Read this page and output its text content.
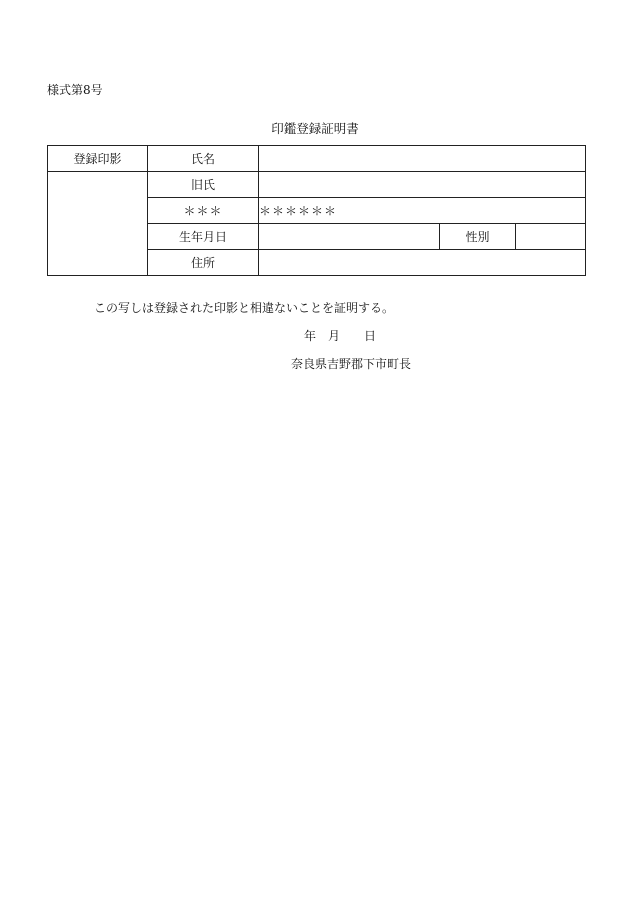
様式第8号
印鑑登録証明書
登録印影	氏名			
	旧氏			
	＊＊＊	＊＊＊＊＊＊		
	生年月日		性別	
	住所			
この写しは登録された印影と相違ないことを証明する。
年 月 日
奈良県吉野郡下市町長
